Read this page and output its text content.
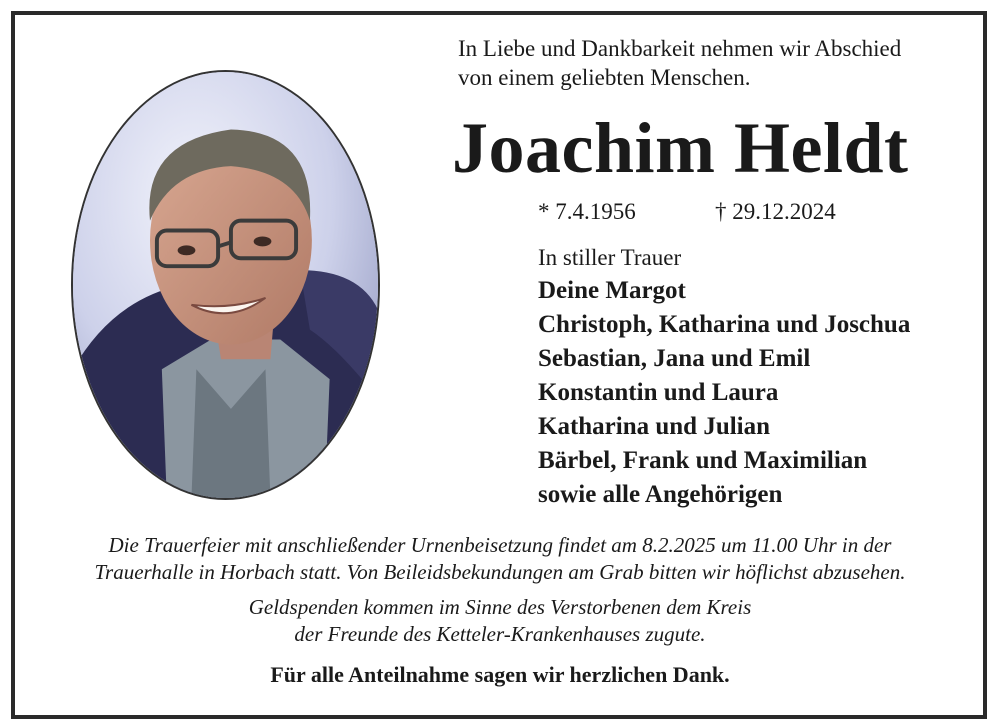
In Liebe und Dankbarkeit nehmen wir Abschied
von einem geliebten Menschen.
Joachim Heldt
* 7.4.1956	† 29.12.2024
In stiller Trauer
Deine Margot
Christoph, Katharina und Joschua
Sebastian, Jana und Emil
Konstantin und Laura
Katharina und Julian
Bärbel, Frank und Maximilian
sowie alle Angehörigen
Die Trauerfeier mit anschließender Urnenbeisetzung findet am 8.2.2025 um 11.00 Uhr in der
Trauerhalle in Horbach statt. Von Beileidsbekundungen am Grab bitten wir höflichst abzusehen.
Geldspenden kommen im Sinne des Verstorbenen dem Kreis
der Freunde des Ketteler-Krankenhauses zugute.
Für alle Anteilnahme sagen wir herzlichen Dank.
